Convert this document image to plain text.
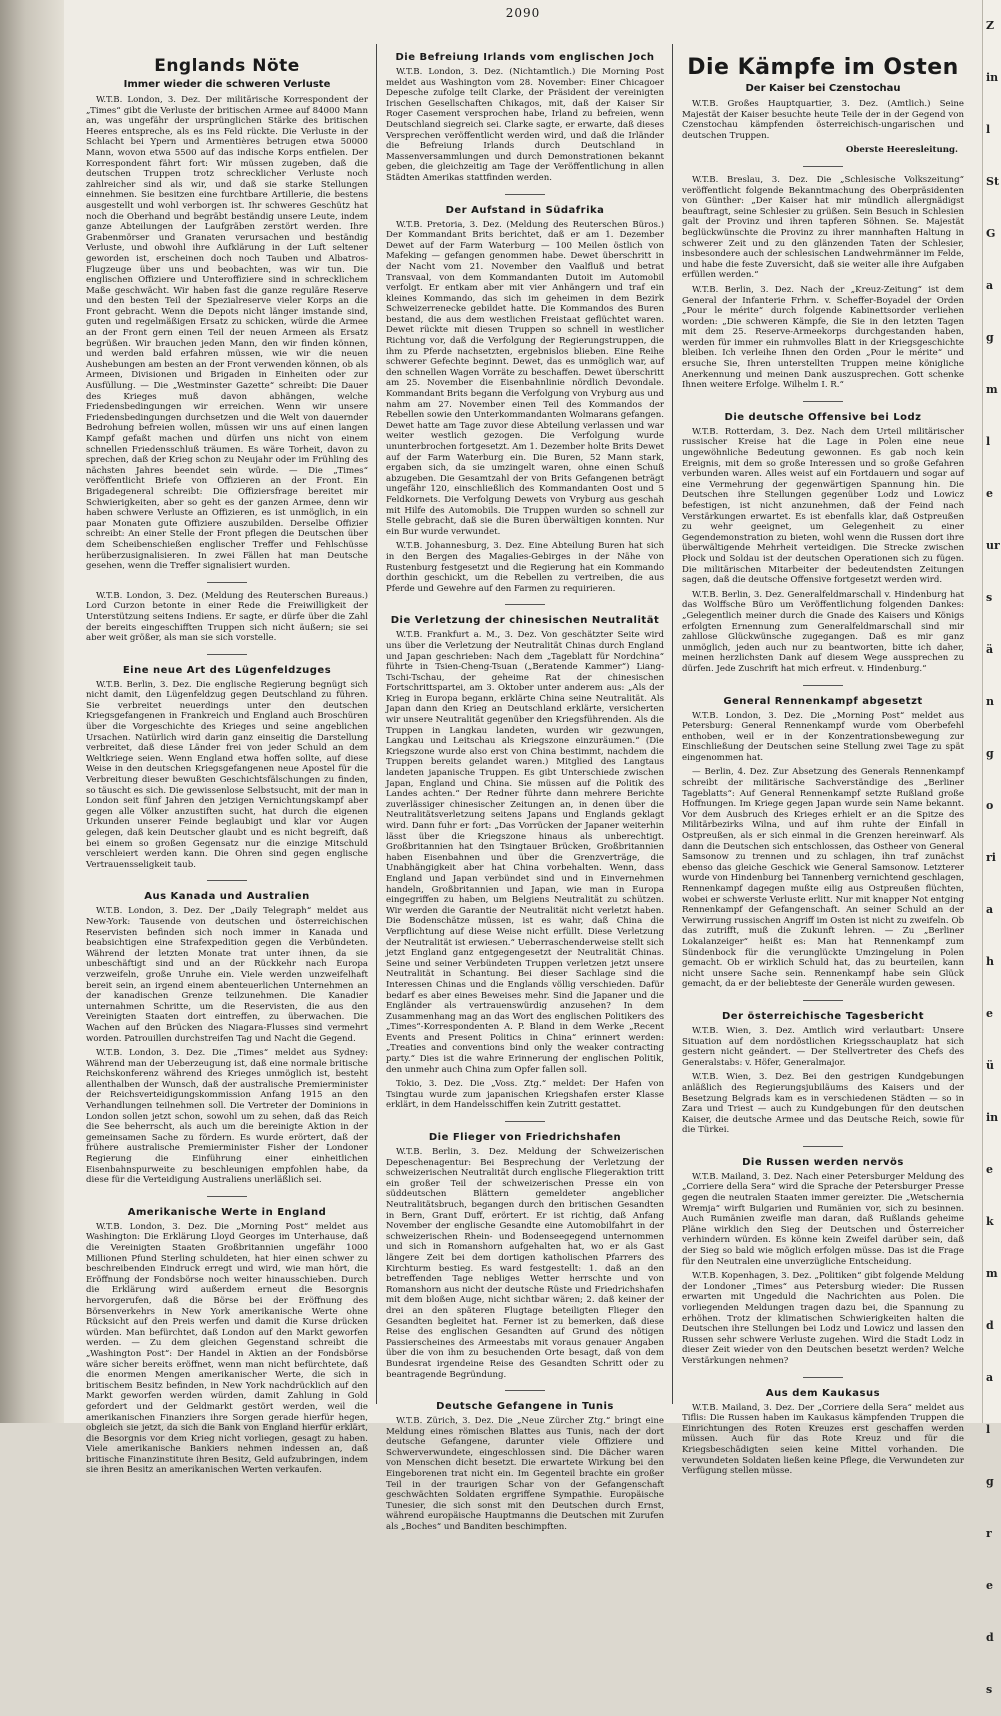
2090
Englands Nöte
Immer wieder die schweren Verluste

W.T.B. London, 3. Dez. Der militärische Korrespondent der „Times“ gibt die Verluste der britischen Armee auf 84000 Mann an, was ungefähr der ursprünglichen Stärke des britischen Heeres entspreche, als es ins Feld rückte. Die Verluste in der Schlacht bei Ypern und Armentières betrugen etwa 50000 Mann, wovon etwa 5500 auf das indische Korps entfielen. Der Korrespondent fährt fort: Wir müssen zugeben, daß die deutschen Truppen trotz schrecklicher Verluste noch zahlreicher sind als wir, und daß sie starke Stellungen einnehmen. Sie besitzen eine furchtbare Artillerie, die bestens ausgestellt und wohl verborgen ist. Ihr schweres Geschütz hat noch die Oberhand und begräbt beständig unsere Leute, indem ganze Abteilungen der Laufgräben zerstört werden. Ihre Grabenmörser und Granaten verursachen und beständig Verluste, und obwohl ihre Aufklärung in der Luft seltener geworden ist, erscheinen doch noch Tauben und Albatros-Flugzeuge über uns und beobachten, was wir tun. Die englischen Offiziere und Unteroffiziere sind in schrecklichem Maße geschwächt. Wir haben fast die ganze reguläre Reserve und den besten Teil der Spezialreserve vieler Korps an die Front gebracht. Wenn die Depots nicht länger imstande sind, guten und regelmäßigen Ersatz zu schicken, würde die Armee an der Front gern einen Teil der neuen Armeen als Ersatz begrüßen. Wir brauchen jeden Mann, den wir finden können, und werden bald erfahren müssen, wie wir die neuen Aushebungen am besten an der Front verwenden können, ob als Armeen, Divisionen und Brigaden in Einheiten oder zur Ausfüllung. — Die „Westminster Gazette“ schreibt: Die Dauer des Krieges muß davon abhängen, welche Friedensbedingungen wir erreichen. Wenn wir unsere Friedensbedingungen durchsetzen und die Welt von dauernder Bedrohung befreien wollen, müssen wir uns auf einen langen Kampf gefaßt machen und dürfen uns nicht von einem schnellen Friedensschluß träumen. Es wäre Torheit, davon zu sprechen, daß der Krieg schon zu Neujahr oder im Frühling des nächsten Jahres beendet sein würde. — Die „Times“ veröffentlicht Briefe von Offizieren an der Front. Ein Brigadegeneral schreibt: Die Offiziersfrage bereitet mir Schwierigkeiten, aber so geht es der ganzen Armee, denn wir haben schwere Verluste an Offizieren, es ist unmöglich, in ein paar Monaten gute Offiziere auszubilden. Derselbe Offizier schreibt: An einer Stelle der Front pflegen die Deutschen über dem Scheibenschießen englischer Treffer und Fehlschüsse herüberzusignalisieren. In zwei Fällen hat man Deutsche gesehen, wenn die Treffer signalisiert wurden.

W.T.B. London, 3. Dez. (Meldung des Reuterschen Bureaus.) Lord Curzon betonte in einer Rede die Freiwilligkeit der Unterstützung seitens Indiens. Er sagte, er dürfe über die Zahl der bereits eingeschifften Truppen sich nicht äußern; sie sei aber weit größer, als man sie sich vorstelle.

Eine neue Art des Lügenfeldzuges

W.T.B. Berlin, 3. Dez. Die englische Regierung begnügt sich nicht damit, den Lügenfeldzug gegen Deutschland zu führen. Sie verbreitet neuerdings unter den deutschen Kriegsgefangenen in Frankreich und England auch Broschüren über die Vorgeschichte des Krieges und seine angeblichen Ursachen. Natürlich wird darin ganz einseitig die Darstellung verbreitet, daß diese Länder frei von jeder Schuld an dem Weltkriege seien. Wenn England etwa hoffen sollte, auf diese Weise in den deutschen Kriegsgefangenen neue Apostel für die Verbreitung dieser bewußten Geschichtsfälschungen zu finden, so täuscht es sich. Die gewissenlose Selbstsucht, mit der man in London seit fünf Jahren den jetzigen Vernichtungskampf aber gegen alle Völker anzustiften sucht, hat durch die eigenen Urkunden unserer Feinde beglaubigt und klar vor Augen gelegen, daß kein Deutscher glaubt und es nicht begreift, daß bei einem so großen Gegensatz nur die einzige Mitschuld verschleiert werden kann. Die Ohren sind gegen englische Vertrauensseligkeit taub.

Aus Kanada und Australien

W.T.B. London, 3. Dez. Der „Daily Telegraph“ meldet aus New-York: Tausende von deutschen und österreichischen Reservisten befinden sich noch immer in Kanada und beabsichtigen eine Strafexpedition gegen die Verbündeten. Während der letzten Monate trat unter ihnen, da sie unbeschäftigt sind und an der Rückkehr nach Europa verzweifeln, große Unruhe ein. Viele werden unzweifelhaft bereit sein, an irgend einem abenteuerlichen Unternehmen an der kanadischen Grenze teilzunehmen. Die Kanadier unternahmen Schritte, um die Reservisten, die aus den Vereinigten Staaten dort eintreffen, zu überwachen. Die Wachen auf den Brücken des Niagara-Flusses sind vermehrt worden. Patrouillen durchstreifen Tag und Nacht die Gegend.

W.T.B. London, 3. Dez. Die „Times“ meldet aus Sydney: Während man der Ueberzeugung ist, daß eine normale britische Reichskonferenz während des Krieges unmöglich ist, besteht allenthalben der Wunsch, daß der australische Premierminister der Reichsverteidigungskommission Anfang 1915 an den Verhandlungen teilnehmen soll. Die Vertreter der Dominions in London sollen jetzt schon, sowohl um zu sehen, daß das Reich die See beherrscht, als auch um die bereinigte Aktion in der gemeinsamen Sache zu fördern. Es wurde erörtert, daß der frühere australische Premierminister Fisher der Londoner Regierung die Einführung einer einheitlichen Eisenbahnspurweite zu beschleunigen empfohlen habe, da diese für die Verteidigung Australiens unerläßlich sei.

Amerikanische Werte in England

W.T.B. London, 3. Dez. Die „Morning Post“ meldet aus Washington: Die Erklärung Lloyd Georges im Unterhause, daß die Vereinigten Staaten Großbritannien ungefähr 1000 Millionen Pfund Sterling schuldeten, hat hier einen schwer zu beschreibenden Eindruck erregt und wird, wie man hört, die Eröffnung der Fondsbörse noch weiter hinausschieben. Durch die Erklärung wird außerdem erneut die Besorgnis hervorgerufen, daß die Börse bei der Eröffnung des Börsenverkehrs in New York amerikanische Werte ohne Rücksicht auf den Preis werfen und damit die Kurse drücken würden. Man befürchtet, daß London auf den Markt geworfen werden. — Zu dem gleichen Gegenstand schreibt die „Washington Post“: Der Handel in Aktien an der Fondsbörse wäre sicher bereits eröffnet, wenn man nicht befürchtete, daß die enormen Mengen amerikanischer Werte, die sich in britischem Besitz befinden, in New York nachdrücklich auf den Markt geworfen werden würden, damit Zahlung in Gold gefordert und der Geldmarkt gestört werden, weil die amerikanischen Finanziers ihre Sorgen gerade hierfür hegen, obgleich sie jetzt, da sich die Bank von England hierfür erklärt, die Besorgnis vor dem Krieg nicht vorliegen, gesagt zu haben. Viele amerikanische Bankiers nehmen indessen an, daß britische Finanzinstitute ihren Besitz, Geld aufzubringen, indem sie ihren Besitz an amerikanischen Werten verkaufen.

Die Befreiung Irlands vom englischen Joch

W.T.B. London, 3. Dez. (Nichtamtlich.) Die Morning Post meldet aus Washington vom 28. November: Einer Chicagoer Depesche zufolge teilt Clarke, der Präsident der vereinigten Irischen Gesellschaften Chikagos, mit, daß der Kaiser Sir Roger Casement versprochen habe, Irland zu befreien, wenn Deutschland siegreich sei. Clarke sagte, er erwarte, daß dieses Versprechen veröffentlicht werden wird, und daß die Irländer die Befreiung Irlands durch Deutschland in Massenversammlungen und durch Demonstrationen bekannt geben, die gleichzeitig am Tage der Veröffentlichung in allen Städten Amerikas stattfinden werden.

Der Aufstand in Südafrika

W.T.B. Pretoria, 3. Dez. (Meldung des Reuterschen Büros.) Der Kommandant Brits berichtet, daß er am 1. Dezember Dewet auf der Farm Waterburg — 100 Meilen östlich von Mafeking — gefangen genommen habe. Dewet überschritt in der Nacht vom 21. November den Vaalfluß und betrat Transvaal, von dem Kommandanten Dutoit im Automobil verfolgt. Er entkam aber mit vier Anhängern und traf ein kleines Kommando, das sich im geheimen in dem Bezirk Schweizerrenecke gebildet hatte. Die Kommandos des Buren bestand, die aus dem westlichen Freistaat geflüchtet waren. Dewet rückte mit diesen Truppen so schnell in westlicher Richtung vor, daß die Verfolgung der Regierungstruppen, die ihm zu Pferde nachsetzten, ergebnislos blieben. Eine Reihe schwerer Gefechte beginnt. Dewet, das es unmöglich war, auf den schnellen Wagen Vorräte zu beschaffen. Dewet überschritt am 25. November die Eisenbahnlinie nördlich Devondale. Kommandant Brits begann die Verfolgung von Vryburg aus und nahm am 27. November einen Teil des Kommandos der Rebellen sowie den Unterkommandanten Wolmarans gefangen. Dewet hatte am Tage zuvor diese Abteilung verlassen und war weiter westlich gezogen. Die Verfolgung wurde ununterbrochen fortgesetzt. Am 1. Dezember holte Brits Dewet auf der Farm Waterburg ein. Die Buren, 52 Mann stark, ergaben sich, da sie umzingelt waren, ohne einen Schuß abzugeben. Die Gesamtzahl der von Brits Gefangenen beträgt ungefähr 120, einschließlich des Kommandanten Oost und 5 Feldkornets. Die Verfolgung Dewets von Vryburg aus geschah mit Hilfe des Automobils. Die Truppen wurden so schnell zur Stelle gebracht, daß sie die Buren überwältigen konnten. Nur ein Bur wurde verwundet.

W.T.B. Johannesburg, 3. Dez. Eine Abteilung Buren hat sich in den Bergen des Magalies-Gebirges in der Nähe von Rustenburg festgesetzt und die Regierung hat ein Kommando dorthin geschickt, um die Rebellen zu vertreiben, die aus Pferde und Gewehre auf den Farmen zu requirieren.

Die Verletzung der chinesischen Neutralität

W.T.B. Frankfurt a. M., 3. Dez. Von geschätzter Seite wird uns über die Verletzung der Neutralität Chinas durch England und Japan geschrieben: Nach dem „Tageblatt für Nordchina“ führte in Tsien-Cheng-Tsuan („Beratende Kammer“) Liang-Tschi-Tschau, der geheime Rat der chinesischen Fortschrittspartei, am 3. Oktober unter anderem aus: „Als der Krieg in Europa begann, erklärte China seine Neutralität. Als Japan dann den Krieg an Deutschland erklärte, versicherten wir unsere Neutralität gegenüber den Kriegsführenden. Als die Truppen in Langkau landeten, wurden wir gezwungen, Langkau und Leitschau als Kriegszone einzuräumen.“ (Die Kriegszone wurde also erst von China bestimmt, nachdem die Truppen bereits gelandet waren.) Mitglied des Langtaus landeten japanische Truppen. Es gibt Unterschiede zwischen Japan, England und China. Sie müssen auf die Politik des Landes achten.“ Der Redner führte dann mehrere Berichte zuverlässiger chinesischer Zeitungen an, in denen über die Neutralitätsverletzung seitens Japans und Englands geklagt wird. Dann fuhr er fort: „Das Vorrücken der Japaner weiterhin lässt über die Kriegszone hinaus als unberechtigt. Großbritannien hat den Tsingtauer Brücken, Großbritannien haben Eisenbahnen und über die Grenzverträge, die Unabhängigkeit aber hat China vorbehalten. Wenn, dass England und Japan verbündet sind und in Einvernehmen handeln, Großbritannien und Japan, wie man in Europa eingegriffen zu haben, um Belgiens Neutralität zu schützen. Wir werden die Garantie der Neutralität nicht verletzt haben. Die Bodenschätze müssen, ist es wahr, daß China die Verpflichtung auf diese Weise nicht erfüllt. Diese Verletzung der Neutralität ist erwiesen.“ Ueberraschenderweise stellt sich jetzt England ganz entgegengesetzt der Neutralität Chinas. Seine und seiner Verbündeten Truppen verletzen jetzt unsere Neutralität in Schantung. Bei dieser Sachlage sind die Interessen Chinas und die Englands völlig verschieden. Dafür bedarf es aber eines Beweises mehr. Sind die Japaner und die Engländer als vertrauenswürdig anzusehen? In dem Zusammenhang mag an das Wort des englischen Politikers des „Times“-Korrespondenten A. P. Bland in dem Werke „Recent Events and Present Politics in China“ erinnert werden: „Treaties and conventions bind only the weaker contracting party.“ Dies ist die wahre Erinnerung der englischen Politik, den unmehr auch China zum Opfer fallen soll.

Tokio, 3. Dez. Die „Voss. Ztg.“ meldet: Der Hafen von Tsingtau wurde zum japanischen Kriegshafen erster Klasse erklärt, in dem Handelsschiffen kein Zutritt gestattet.

Die Flieger von Friedrichshafen

W.T.B. Berlin, 3. Dez. Meldung der Schweizerischen Depeschenagentur: Bei Besprechung der Verletzung der schweizerischen Neutralität durch englische Fliegeraktion tritt ein großer Teil der schweizerischen Presse ein von süddeutschen Blättern gemeldeter angeblicher Neutralitätsbruch, begangen durch den britischen Gesandten in Bern, Grant Duff, erörtert. Er ist richtig, daß Anfang November der englische Gesandte eine Automobilfahrt in der schweizerischen Rhein- und Bodenseegegend unternommen und sich in Romanshorn aufgehalten hat, wo er als Gast längere Zeit bei dem dortigen katholischen Pfarrers des Kirchturm bestieg. Es ward festgestellt: 1. daß an den betreffenden Tage nebliges Wetter herrschte und von Romanshorn aus nicht der deutsche Rüste und Friedrichshafen mit dem bloßen Auge, nicht sichtbar wären; 2. daß keiner der drei an den späteren Flugtage beteiligten Flieger den Gesandten begleitet hat. Ferner ist zu bemerken, daß diese Reise des englischen Gesandten auf Grund des nötigen Passierscheines des Armeestabs mit voraus genauer Angaben über die von ihm zu besuchenden Orte besagt, daß von dem Bundesrat irgendeine Reise des Gesandten Schritt oder zu beantragende Begründung.

Deutsche Gefangene in Tunis

W.T.B. Zürich, 3. Dez. Die „Neue Zürcher Ztg.“ bringt eine Meldung eines römischen Blattes aus Tunis, nach der dort deutsche Gefangene, darunter viele Offiziere und Schwerverwundete, eingeschlossen sind. Die Dächer waren von Menschen dicht besetzt. Die erwartete Wirkung bei den Eingeborenen trat nicht ein. Im Gegenteil brachte ein großer Teil in der traurigen Schar von der Gefangenschaft geschwächten Soldaten ergriffene Sympathie. Europäische Tunesier, die sich sonst mit den Deutschen durch Ernst, während europäische Hauptmanns die Deutschen mit Zurufen als „Boches“ und Banditen beschimpften.

Die Kämpfe im Osten
Der Kaiser bei Czenstochau

W.T.B. Großes Hauptquartier, 3. Dez. (Amtlich.) Seine Majestät der Kaiser besuchte heute Teile der in der Gegend von Czenstochau kämpfenden österreichisch-ungarischen und deutschen Truppen.

Oberste Heeresleitung.

W.T.B. Breslau, 3. Dez. Die „Schlesische Volkszeitung“ veröffentlicht folgende Bekanntmachung des Oberpräsidenten von Günther: „Der Kaiser hat mir mündlich allergnädigst beauftragt, seine Schlesier zu grüßen. Sein Besuch in Schlesien galt der Provinz und ihren tapferen Söhnen. Se. Majestät beglückwünschte die Provinz zu ihrer mannhaften Haltung in schwerer Zeit und zu den glänzenden Taten der Schlesier, insbesondere auch der schlesischen Landwehrmänner im Felde, und habe die feste Zuversicht, daß sie weiter alle ihre Aufgaben erfüllen werden.“

W.T.B. Berlin, 3. Dez. Nach der „Kreuz-Zeitung“ ist dem General der Infanterie Frhrn. v. Scheffer-Boyadel der Orden „Pour le mérite“ durch folgende Kabinettsorder verliehen worden: „Die schweren Kämpfe, die Sie in den letzten Tagen mit dem 25. Reserve-Armeekorps durchgestanden haben, werden für immer ein ruhmvolles Blatt in der Kriegsgeschichte bleiben. Ich verleihe Ihnen den Orden „Pour le mérite“ und ersuche Sie, Ihren unterstellten Truppen meine königliche Anerkennung und meinen Dank auszusprechen. Gott schenke Ihnen weitere Erfolge. Wilhelm I. R.“

Die deutsche Offensive bei Lodz

W.T.B. Rotterdam, 3. Dez. Nach dem Urteil militärischer russischer Kreise hat die Lage in Polen eine neue ungewöhnliche Bedeutung gewonnen. Es gab noch kein Ereignis, mit dem so große Interessen und so große Gefahren verbunden waren. Alles weist auf ein Fortdauern und sogar auf eine Vermehrung der gegenwärtigen Spannung hin. Die Deutschen ihre Stellungen gegenüber Lodz und Lowicz befestigen, ist nicht anzunehmen, daß der Feind nach Verstärkungen erwartet. Es ist ebenfalls klar, daß Ostpreußen zu wehr geeignet, um Gelegenheit zu einer Gegendemonstration zu bieten, wohl wenn die Russen dort ihre überwältigende Mehrheit verteidigen. Die Strecke zwischen Płock und Soldau ist der deutschen Operationen sich zu fügen. Die militärischen Mitarbeiter der bedeutendsten Zeitungen sagen, daß die deutsche Offensive fortgesetzt werden wird.

W.T.B. Berlin, 3. Dez. Generalfeldmarschall v. Hindenburg hat das Wolffsche Büro um Veröffentlichung folgenden Dankes: „Gelegentlich meiner durch die Gnade des Kaisers und Königs erfolgten Ernennung zum Generalfeldmarschall sind mir zahllose Glückwünsche zugegangen. Daß es mir ganz unmöglich, jeden auch nur zu beantworten, bitte ich daher, meinen herzlichsten Dank auf diesem Wege aussprechen zu dürfen. Jede Zuschrift hat mich erfreut. v. Hindenburg.“

General Rennenkampf abgesetzt

W.T.B. London, 3. Dez. Die „Morning Post“ meldet aus Petersburg: General Rennenkampf wurde vom Oberbefehl enthoben, weil er in der Konzentrationsbewegung zur Einschließung der Deutschen seine Stellung zwei Tage zu spät eingenommen hat.

— Berlin, 4. Dez. Zur Absetzung des Generals Rennenkampf schreibt der militärische Sachverständige des „Berliner Tageblatts“: Auf General Rennenkampf setzte Rußland große Hoffnungen. Im Kriege gegen Japan wurde sein Name bekannt. Vor dem Ausbruch des Krieges erhielt er an die Spitze des Militärbezirks Wilna, und auf ihm ruhte der Einfall in Ostpreußen, als er sich einmal in die Grenzen hereinwarf. Als dann die Deutschen sich entschlossen, das Ostheer von General Samsonow zu trennen und zu schlagen, ihn traf zunächst ebenso das gleiche Geschick wie General Samsonow. Letzterer wurde von Hindenburg bei Tannenberg vernichtend geschlagen, Rennenkampf dagegen mußte eilig aus Ostpreußen flüchten, wobei er schwerste Verluste erlitt. Nur mit knapper Not entging Rennenkampf der Gefangenschaft. An seiner Schuld an der Verwirrung russischen Angriff im Osten ist nicht zu zweifeln. Ob das zutrifft, muß die Zukunft lehren. — Zu „Berliner Lokalanzeiger“ heißt es: Man hat Rennenkampf zum Sündenbock für die verunglückte Umzingelung in Polen gemacht. Ob er wirklich Schuld hat, das zu beurteilen, kann nicht unsere Sache sein. Rennenkampf habe sein Glück gemacht, da er der beliebteste der Generäle wurden gewesen.

Der österreichische Tagesbericht

W.T.B. Wien, 3. Dez. Amtlich wird verlautbart: Unsere Situation auf dem nordöstlichen Kriegsschauplatz hat sich gestern nicht geändert. — Der Stellvertreter des Chefs des Generalstabs: v. Höfer, Generalmajor.

W.T.B. Wien, 3. Dez. Bei den gestrigen Kundgebungen anläßlich des Regierungsjubiläums des Kaisers und der Besetzung Belgrads kam es in verschiedenen Städten — so in Zara und Triest — auch zu Kundgebungen für den deutschen Kaiser, die deutsche Armee und das Deutsche Reich, sowie für die Türkei.

Die Russen werden nervös

W.T.B. Mailand, 3. Dez. Nach einer Petersburger Meldung des „Corriere della Sera“ wird die Sprache der Petersburger Presse gegen die neutralen Staaten immer gereizter. Die „Wetschernia Wremja“ wirft Bulgarien und Rumänien vor, sich zu besinnen. Auch Rumänien zweifle man daran, daß Rußlands geheime Pläne wirklich den Sieg der Deutschen und Österreicher verhindern würden. Es könne kein Zweifel darüber sein, daß der Sieg so bald wie möglich erfolgen müsse. Das ist die Frage für den Neutralen eine unverzügliche Entscheidung.

W.T.B. Kopenhagen, 3. Dez. „Politiken“ gibt folgende Meldung der Londoner „Times“ aus Petersburg wieder: Die Russen erwarten mit Ungeduld die Nachrichten aus Polen. Die vorliegenden Meldungen tragen dazu bei, die Spannung zu erhöhen. Trotz der klimatischen Schwierigkeiten halten die Deutschen ihre Stellungen bei Lodz und Lowicz und lassen den Russen sehr schwere Verluste zugehen. Wird die Stadt Lodz in dieser Zeit wieder von den Deutschen besetzt werden? Welche Verstärkungen nehmen?

Aus dem Kaukasus

W.T.B. Mailand, 3. Dez. Der „Corriere della Sera“ meldet aus Tiflis: Die Russen haben im Kaukasus kämpfenden Truppen die Einrichtungen des Roten Kreuzes erst geschaffen werden müssen. Auch für das Rote Kreuz und für die Kriegsbeschädigten seien keine Mittel vorhanden. Die verwundeten Soldaten ließen keine Pflege, die Verwundeten zur Verfügung stellen müsse.

Z
in
l
St
G
a
g
m
l
e
ur
s
ä
n
g
o
ri
a
h
e
ü
in
e
k
m
d
a
l
g
r
e
d
s
